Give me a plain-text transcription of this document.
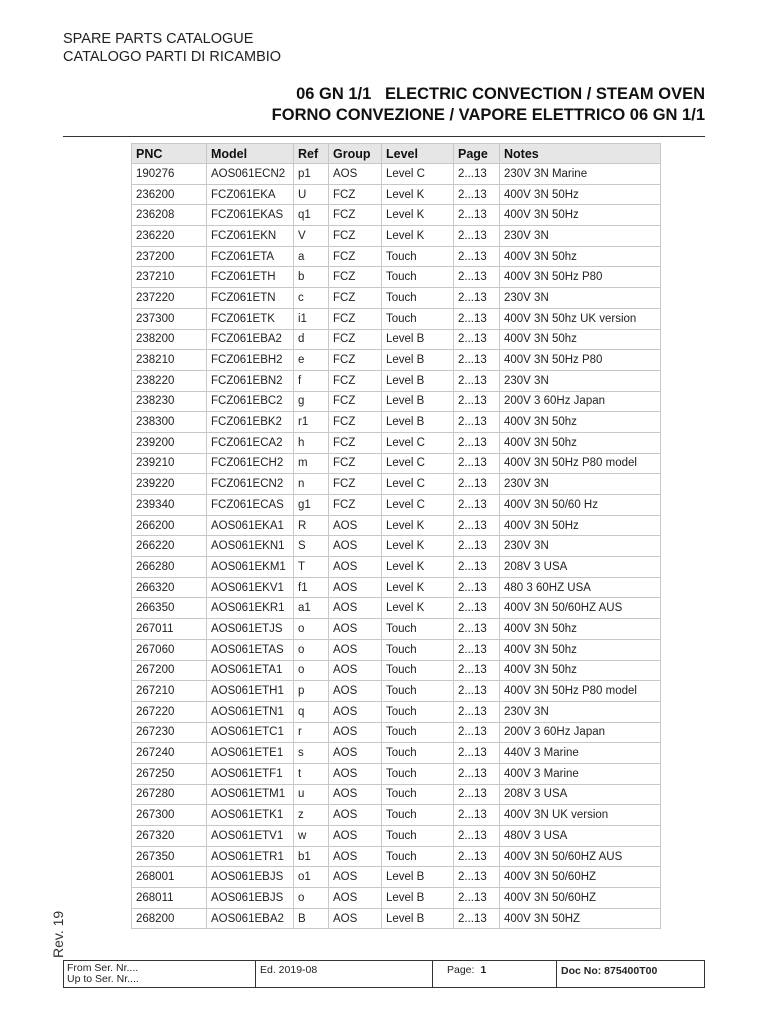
SPARE PARTS CATALOGUE
CATALOGO PARTI DI RICAMBIO
06 GN 1/1   ELECTRIC CONVECTION / STEAM OVEN
FORNO CONVEZIONE / VAPORE ELETTRICO 06 GN 1/1
PNC	Model	Ref	Group	Level	Page	Notes
190276	AOS061ECN2	p1	AOS	Level C	2...13	230V 3N Marine
236200	FCZ061EKA	U	FCZ	Level K	2...13	400V 3N 50Hz
236208	FCZ061EKAS	q1	FCZ	Level K	2...13	400V 3N 50Hz
236220	FCZ061EKN	V	FCZ	Level K	2...13	230V 3N
237200	FCZ061ETA	a	FCZ	Touch	2...13	400V 3N 50hz
237210	FCZ061ETH	b	FCZ	Touch	2...13	400V 3N 50Hz P80
237220	FCZ061ETN	c	FCZ	Touch	2...13	230V 3N
237300	FCZ061ETK	i1	FCZ	Touch	2...13	400V 3N 50hz UK version
238200	FCZ061EBA2	d	FCZ	Level B	2...13	400V 3N 50hz
238210	FCZ061EBH2	e	FCZ	Level B	2...13	400V 3N 50Hz P80
238220	FCZ061EBN2	f	FCZ	Level B	2...13	230V 3N
238230	FCZ061EBC2	g	FCZ	Level B	2...13	200V 3 60Hz Japan
238300	FCZ061EBK2	r1	FCZ	Level B	2...13	400V 3N 50hz
239200	FCZ061ECA2	h	FCZ	Level C	2...13	400V 3N 50hz
239210	FCZ061ECH2	m	FCZ	Level C	2...13	400V 3N 50Hz P80 model
239220	FCZ061ECN2	n	FCZ	Level C	2...13	230V 3N
239340	FCZ061ECAS	g1	FCZ	Level C	2...13	400V 3N 50/60 Hz
266200	AOS061EKA1	R	AOS	Level K	2...13	400V 3N 50Hz
266220	AOS061EKN1	S	AOS	Level K	2...13	230V 3N
266280	AOS061EKM1	T	AOS	Level K	2...13	208V 3 USA
266320	AOS061EKV1	f1	AOS	Level K	2...13	480 3 60HZ USA
266350	AOS061EKR1	a1	AOS	Level K	2...13	400V 3N 50/60HZ AUS
267011	AOS061ETJS	o	AOS	Touch	2...13	400V 3N 50hz
267060	AOS061ETAS	o	AOS	Touch	2...13	400V 3N 50hz
267200	AOS061ETA1	o	AOS	Touch	2...13	400V 3N 50hz
267210	AOS061ETH1	p	AOS	Touch	2...13	400V 3N 50Hz P80 model
267220	AOS061ETN1	q	AOS	Touch	2...13	230V 3N
267230	AOS061ETC1	r	AOS	Touch	2...13	200V 3 60Hz Japan
267240	AOS061ETE1	s	AOS	Touch	2...13	440V 3 Marine
267250	AOS061ETF1	t	AOS	Touch	2...13	400V 3 Marine
267280	AOS061ETM1	u	AOS	Touch	2...13	208V 3 USA
267300	AOS061ETK1	z	AOS	Touch	2...13	400V 3N UK version
267320	AOS061ETV1	w	AOS	Touch	2...13	480V 3 USA
267350	AOS061ETR1	b1	AOS	Touch	2...13	400V 3N 50/60HZ AUS
268001	AOS061EBJS	o1	AOS	Level B	2...13	400V 3N 50/60HZ
268011	AOS061EBJS	o	AOS	Level B	2...13	400V 3N 50/60HZ
268200	AOS061EBA2	B	AOS	Level B	2...13	400V 3N 50HZ
Rev. 19
From Ser. Nr....
Up to Ser. Nr....
Ed. 2019-08	Page: 1	Doc No: 875400T00
